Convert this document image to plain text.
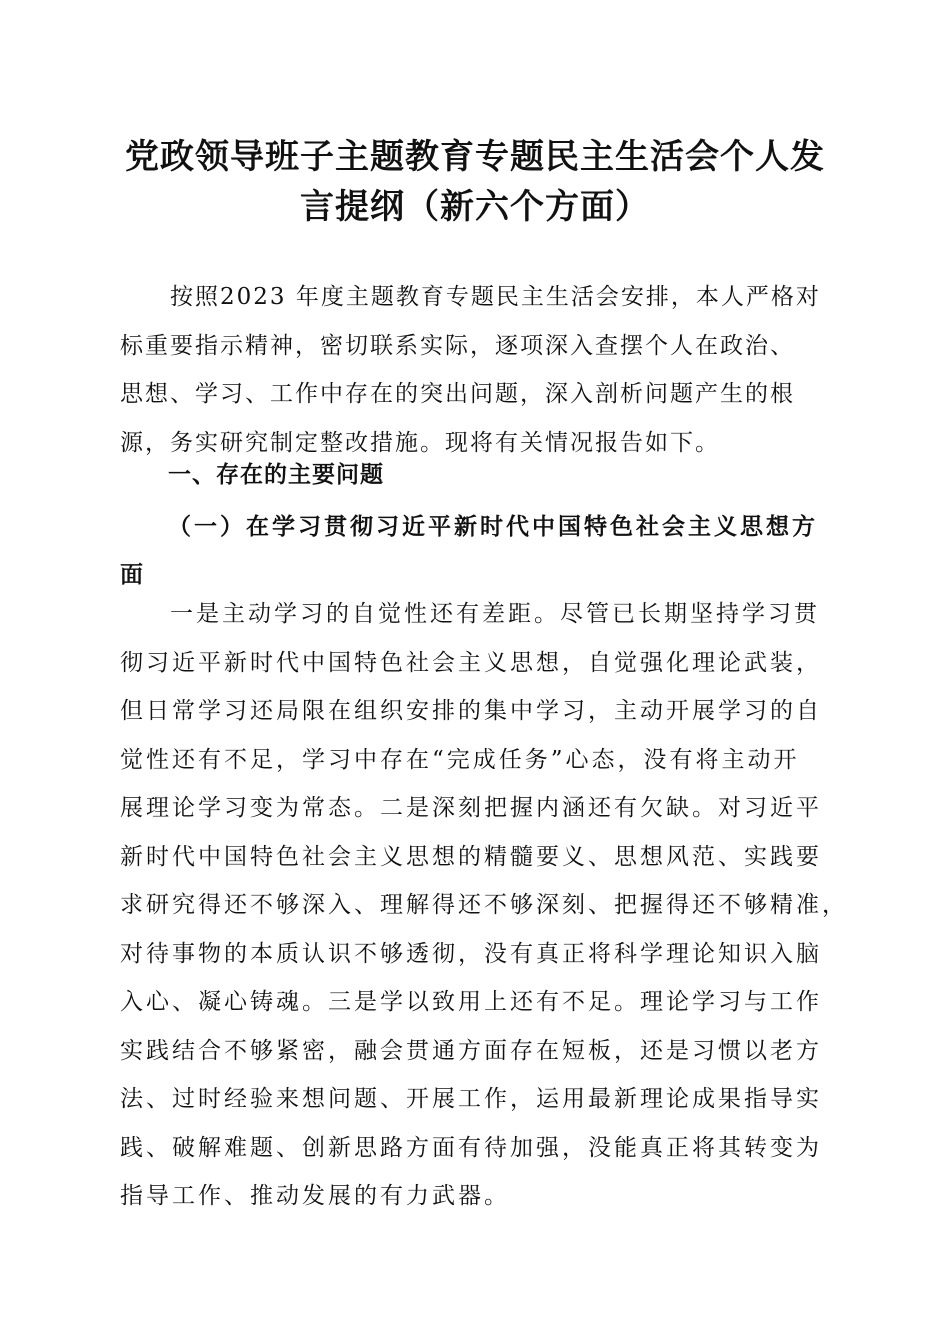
党政领导班子主题教育专题民主生活会个人发
言提纲（新六个方面）

按照2023 年度主题教育专题民主生活会安排，本人严格对
标重要指示精神，密切联系实际，逐项深入查摆个人在政治、
思想、学习、工作中存在的突出问题，深入剖析问题产生的根
源，务实研究制定整改措施。现将有关情况报告如下。

一、存在的主要问题
（一）在学习贯彻习近平新时代中国特色社会主义思想方
面

一是主动学习的自觉性还有差距。尽管已长期坚持学习贯
彻习近平新时代中国特色社会主义思想，自觉强化理论武装，
但日常学习还局限在组织安排的集中学习，主动开展学习的自
觉性还有不足，学习中存在“完成任务”心态，没有将主动开
展理论学习变为常态。二是深刻把握内涵还有欠缺。对习近平
新时代中国特色社会主义思想的精髓要义、思想风范、实践要
求研究得还不够深入、理解得还不够深刻、把握得还不够精准，
对待事物的本质认识不够透彻，没有真正将科学理论知识入脑
入心、凝心铸魂。三是学以致用上还有不足。理论学习与工作
实践结合不够紧密，融会贯通方面存在短板，还是习惯以老方
法、过时经验来想问题、开展工作，运用最新理论成果指导实
践、破解难题、创新思路方面有待加强，没能真正将其转变为
指导工作、推动发展的有力武器。
